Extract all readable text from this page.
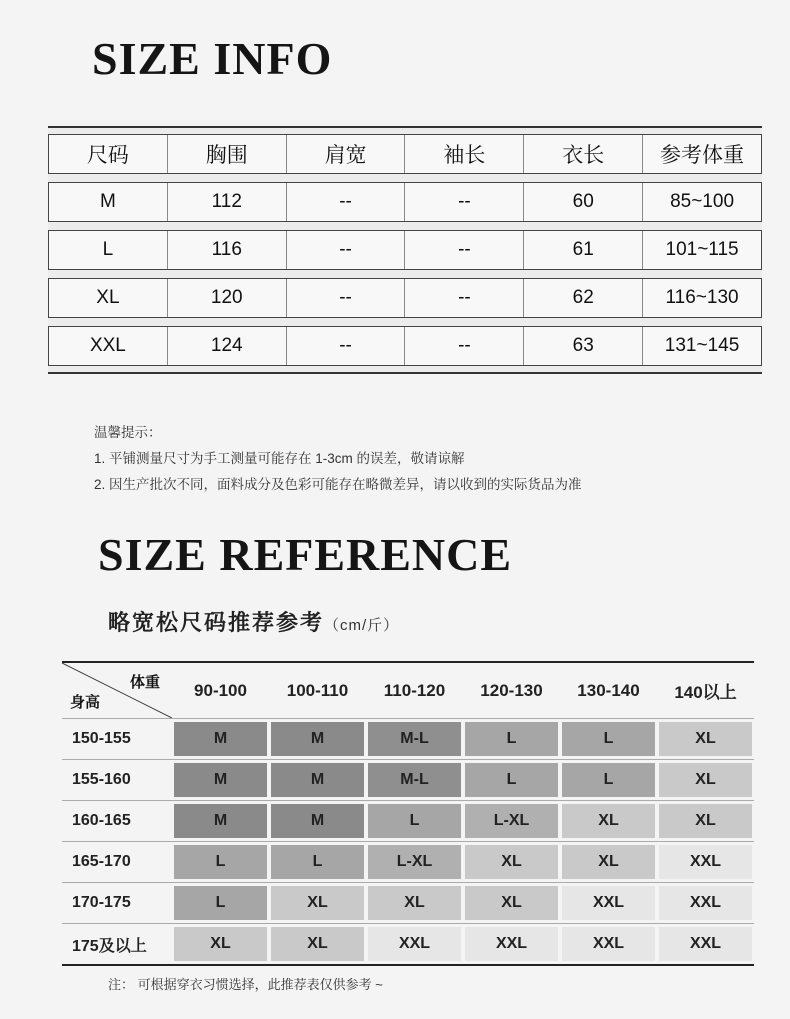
SIZE INFO
尺码	胸围	肩宽	袖长	衣长	参考体重
M	112	--	--	60	85~100
L	116	--	--	61	101~115
XL	120	--	--	62	116~130
XXL	124	--	--	63	131~145
温馨提示：
1. 平铺测量尺寸为手工测量可能存在 1-3cm 的误差，敬请谅解
2. 因生产批次不同，面料成分及色彩可能存在略微差异，请以收到的实际货品为准
SIZE REFERENCE
略宽松尺码推荐参考（cm/斤）
体重
身高
90-100	100-110	110-120	120-130	130-140	140以上
150-155	M	M	M-L	L	L	XL
155-160	M	M	M-L	L	L	XL
160-165	M	M	L	L-XL	XL	XL
165-170	L	L	L-XL	XL	XL	XXL
170-175	L	XL	XL	XL	XXL	XXL
175及以上	XL	XL	XXL	XXL	XXL	XXL
注： 可根据穿衣习惯选择，此推荐表仅供参考 ~
